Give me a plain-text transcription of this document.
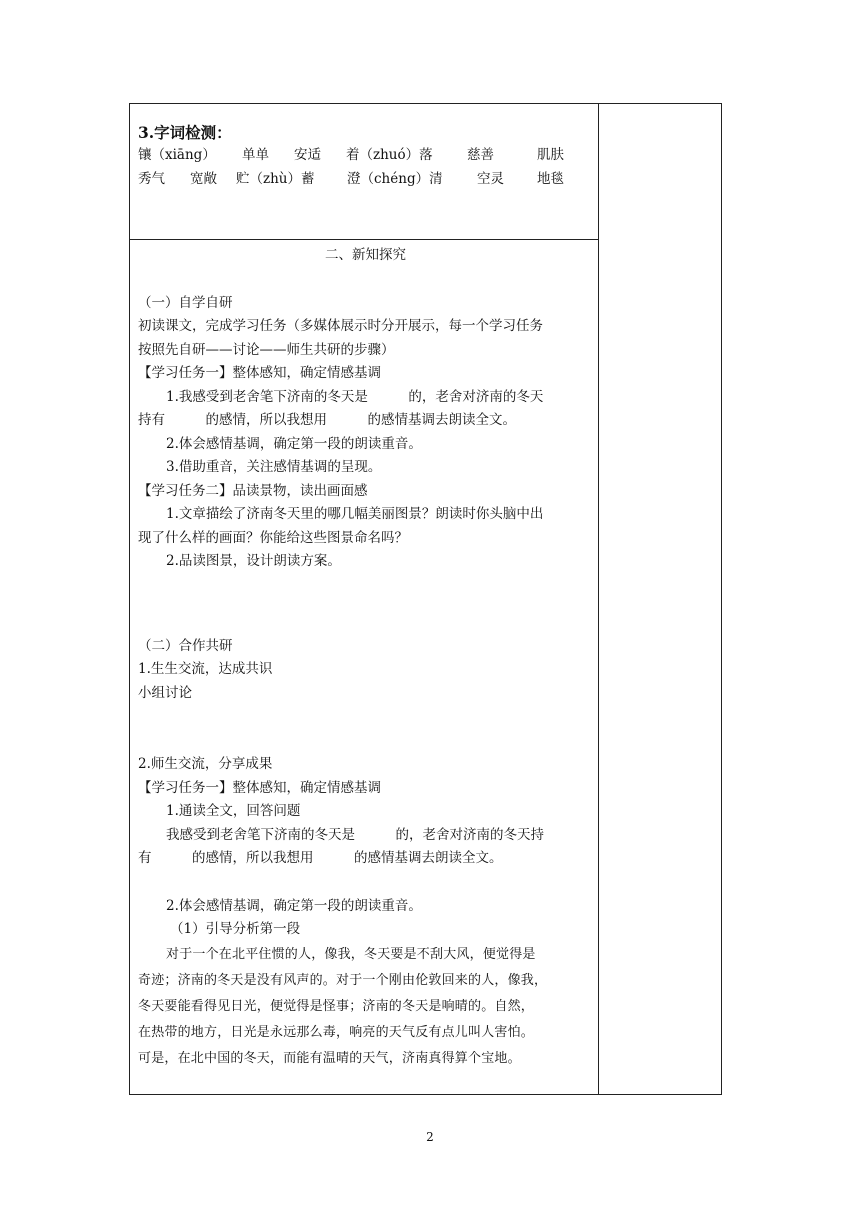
3.字词检测：
镶（xiāng） 单单 安适 着（zhuó）落	慈善	肌肤
秀气 宽敞 贮（zhù）蓄 澄（chéng）清	空灵 地毯
二、新知探究
（一）自学自研
初读课文，完成学习任务（多媒体展示时分开展示，每一个学习任务
按照先自研——讨论——师生共研的步骤）
【学习任务一】整体感知，确定情感基调
1.我感受到老舍笔下济南的冬天是　　　的，老舍对济南的冬天
持有　　　的感情，所以我想用　　　的感情基调去朗读全文。
2.体会感情基调，确定第一段的朗读重音。
3.借助重音，关注感情基调的呈现。
【学习任务二】品读景物，读出画面感
1.文章描绘了济南冬天里的哪几幅美丽图景？朗读时你头脑中出
现了什么样的画面？你能给这些图景命名吗？
2.品读图景，设计朗读方案。
（二）合作共研
1.生生交流，达成共识
小组讨论
2.师生交流，分享成果
【学习任务一】整体感知，确定情感基调
1.通读全文，回答问题
我感受到老舍笔下济南的冬天是　　　的，老舍对济南的冬天持
有　　　的感情，所以我想用　　　的感情基调去朗读全文。
2.体会感情基调，确定第一段的朗读重音。
（1）引导分析第一段
对于一个在北平住惯的人，像我，冬天要是不刮大风，便觉得是
奇迹；济南的冬天是没有风声的。对于一个刚由伦敦回来的人，像我，
冬天要能看得见日光，便觉得是怪事；济南的冬天是响晴的。自然，
在热带的地方，日光是永远那么毒，响亮的天气反有点儿叫人害怕。
可是，在北中国的冬天，而能有温晴的天气，济南真得算个宝地。
2
